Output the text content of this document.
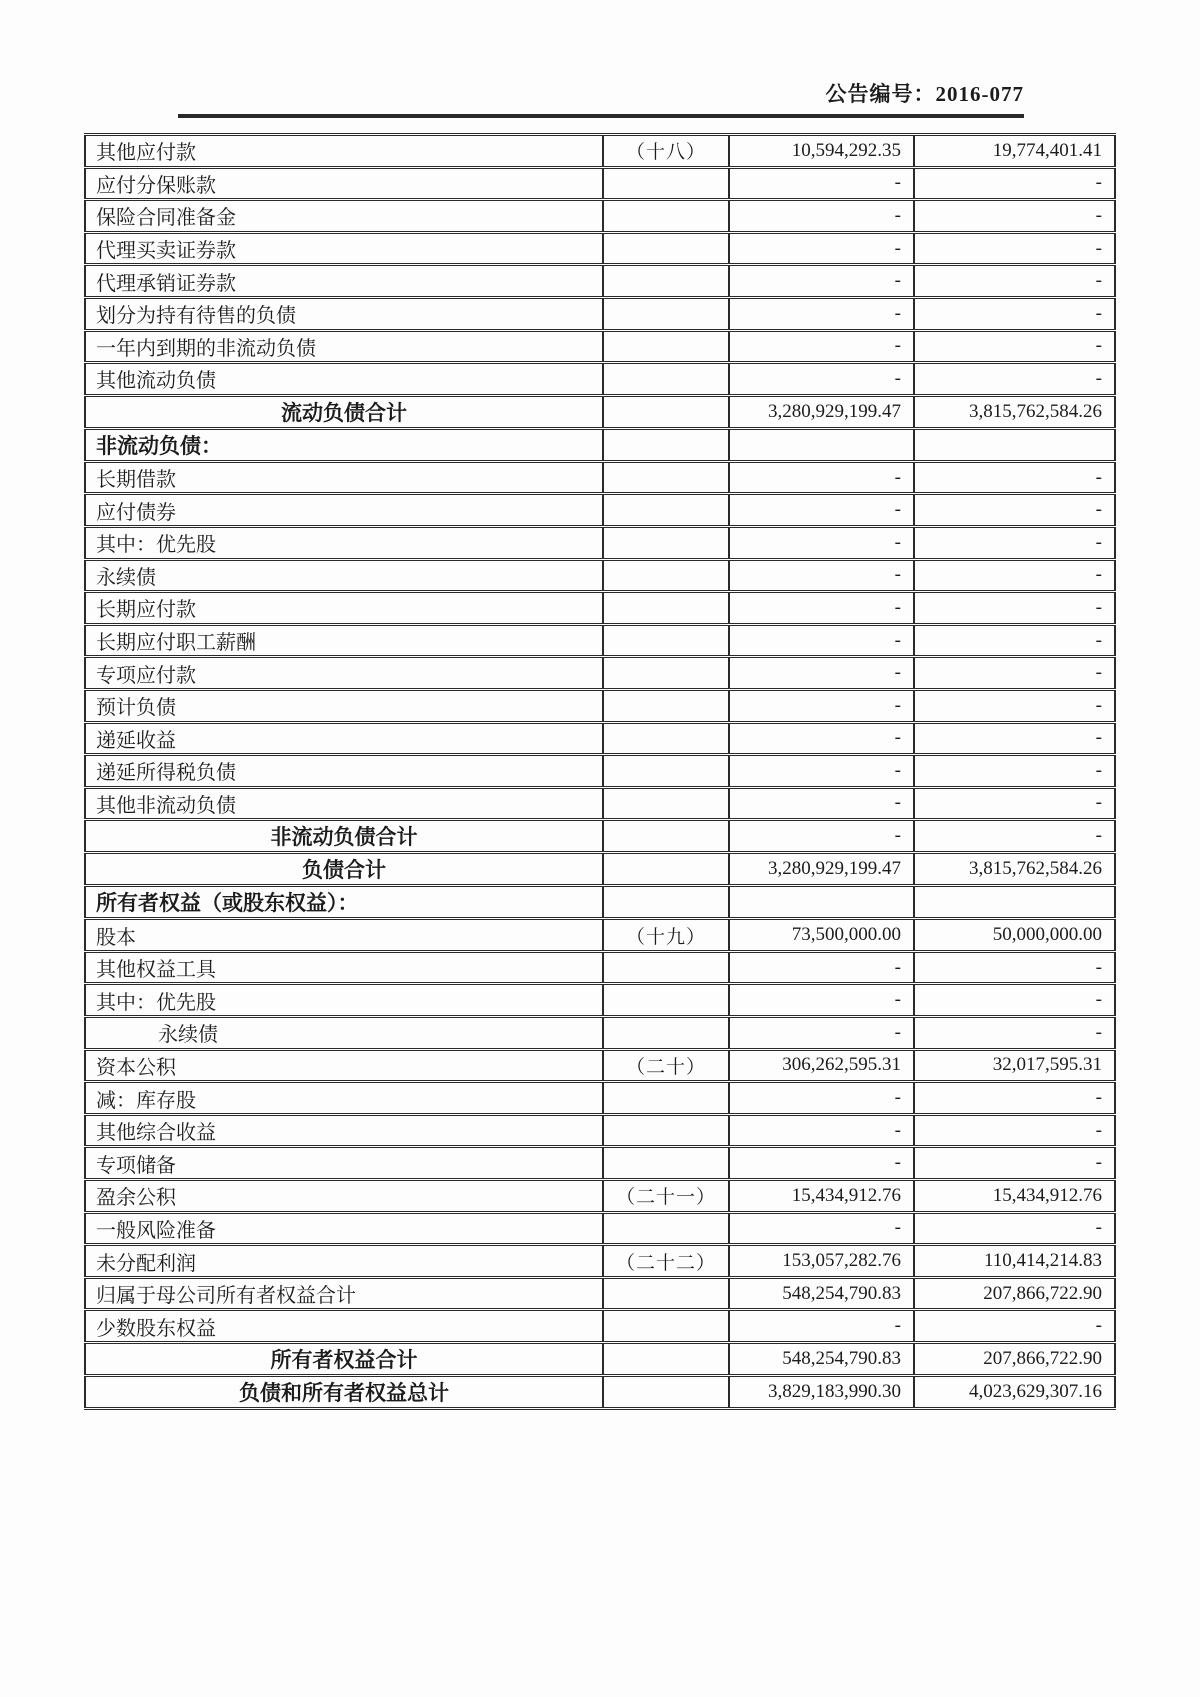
公告编号：2016-077
其他应付款	（十八）	10,594,292.35	19,774,401.41
应付分保账款		-	-
保险合同准备金		-	-
代理买卖证券款		-	-
代理承销证券款		-	-
划分为持有待售的负债		-	-
一年内到期的非流动负债		-	-
其他流动负债		-	-
流动负债合计		3,280,929,199.47	3,815,762,584.26
非流动负债：			
长期借款		-	-
应付债券		-	-
其中：优先股		-	-
永续债		-	-
长期应付款		-	-
长期应付职工薪酬		-	-
专项应付款		-	-
预计负债		-	-
递延收益		-	-
递延所得税负债		-	-
其他非流动负债		-	-
非流动负债合计		-	-
负债合计		3,280,929,199.47	3,815,762,584.26
所有者权益（或股东权益）：			
股本	（十九）	73,500,000.00	50,000,000.00
其他权益工具		-	-
其中：优先股		-	-
永续债		-	-
资本公积	（二十）	306,262,595.31	32,017,595.31
减：库存股		-	-
其他综合收益		-	-
专项储备		-	-
盈余公积	（二十一）	15,434,912.76	15,434,912.76
一般风险准备		-	-
未分配利润	（二十二）	153,057,282.76	110,414,214.83
归属于母公司所有者权益合计		548,254,790.83	207,866,722.90
少数股东权益		-	-
所有者权益合计		548,254,790.83	207,866,722.90
负债和所有者权益总计		3,829,183,990.30	4,023,629,307.16
